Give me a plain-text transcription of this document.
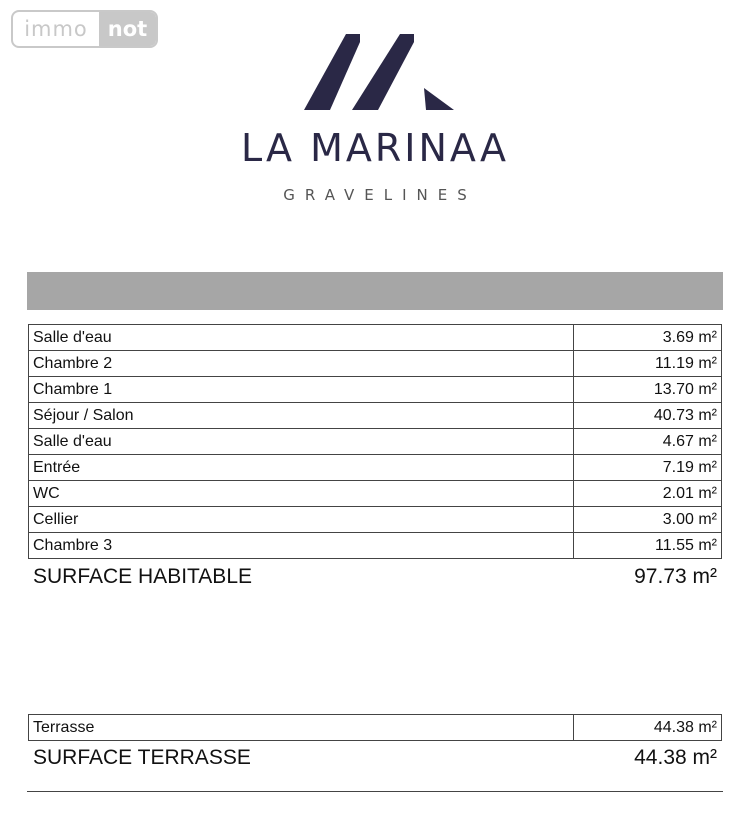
immo not
LA MARINAA
GRAVELINES
Salle d'eau	3.69 m²
Chambre 2	11.19 m²
Chambre 1	13.70 m²
Séjour / Salon	40.73 m²
Salle d'eau	4.67 m²
Entrée	7.19 m²
WC	2.01 m²
Cellier	3.00 m²
Chambre 3	11.55 m²
SURFACE HABITABLE	97.73 m²
Terrasse	44.38 m²
SURFACE TERRASSE	44.38 m²
